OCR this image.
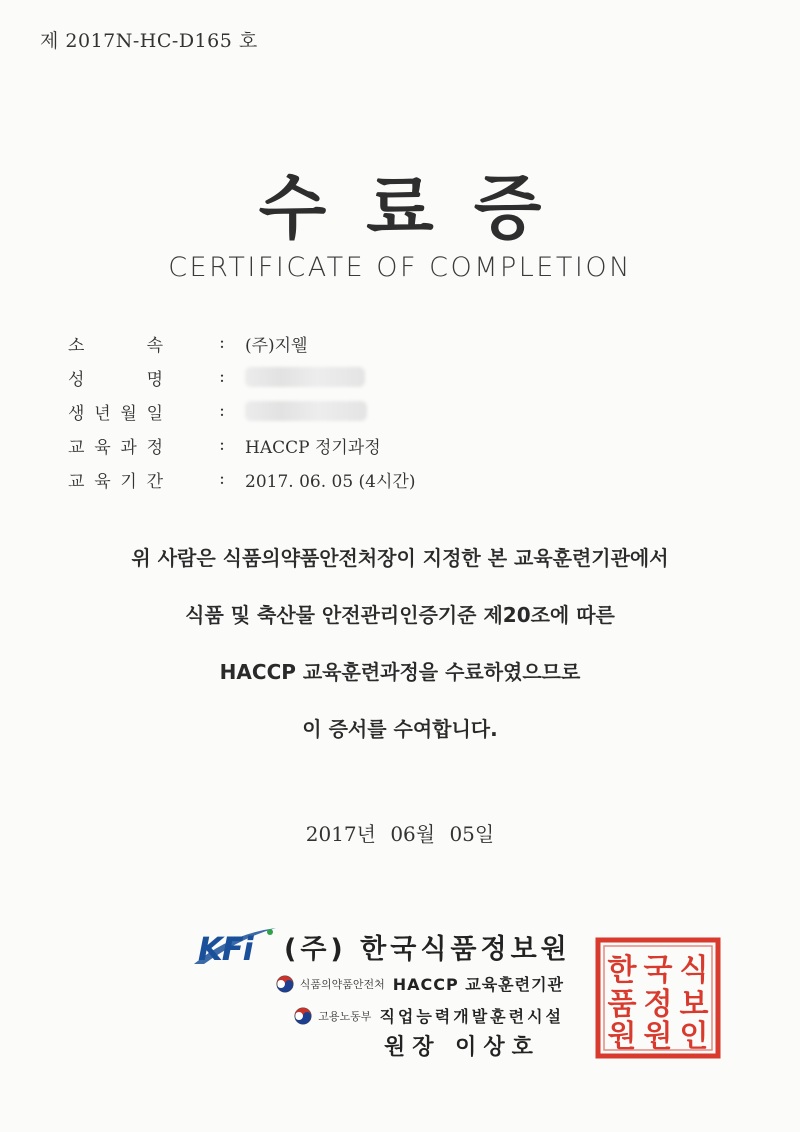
제 2017N-HC-D165 호
수료증
CERTIFICATE OF COMPLETION
소	속	:	(주)지웰
성	명	:
생 년 월 일	:
교 육 과 정	:	HACCP 정기과정
교 육 기 간	:	2017. 06. 05 (4시간)
위 사람은 식품의약품안전처장이 지정한 본 교육훈련기관에서
식품 및 축산물 안전관리인증기준 제20조에 따른
HACCP 교육훈련과정을 수료하였으므로
이 증서를 수여합니다.
2017년 06월 05일
KFi (주) 한국식품정보원
식품의약품안전처 HACCP 교육훈련기관
고용노동부 직업능력개발훈련시설
원장 이상호
한
품
원
국
정
원
식
보
인
